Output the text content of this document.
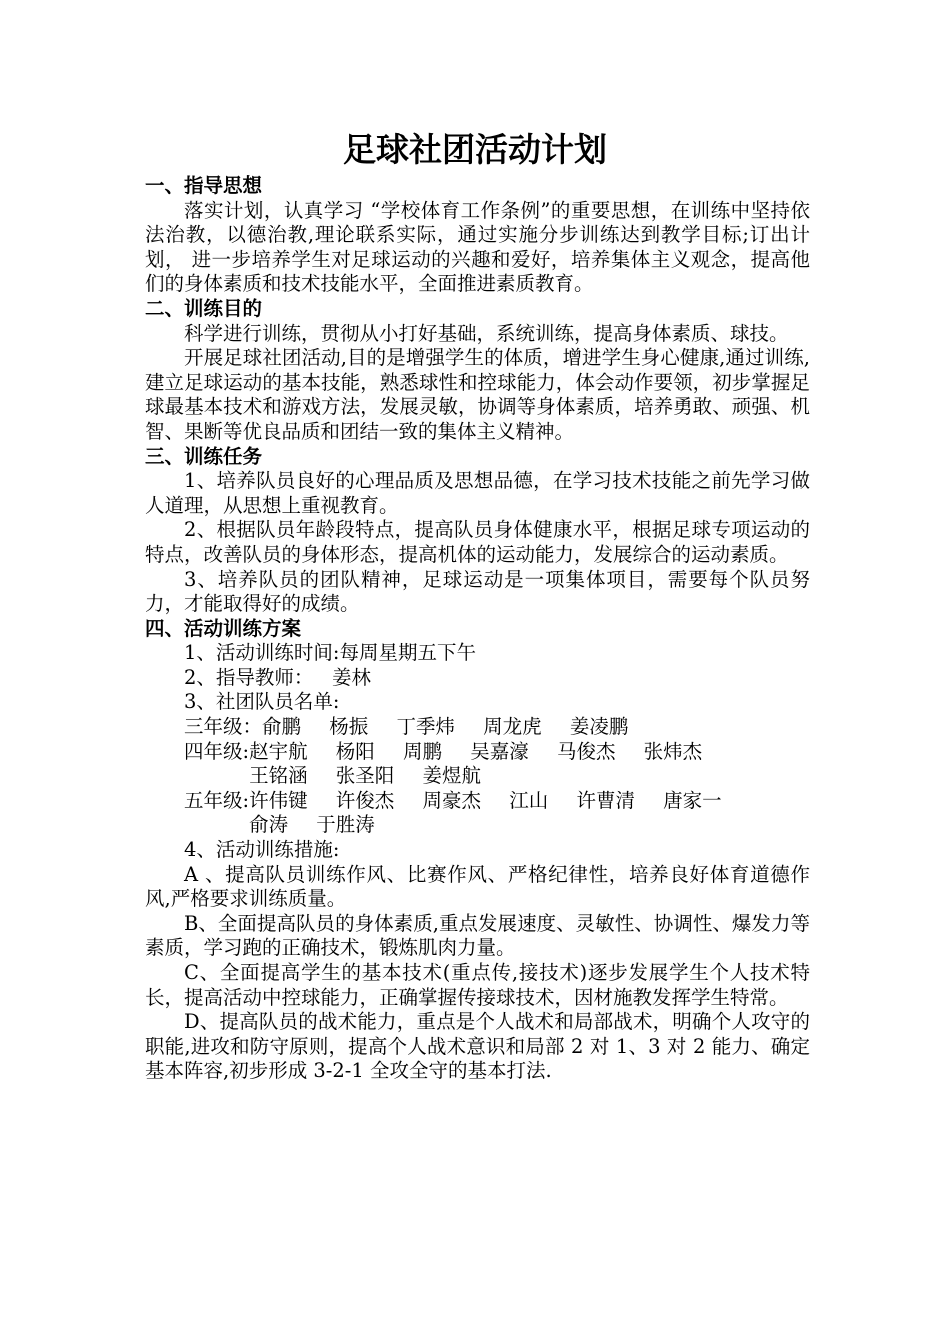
足球社团活动计划

一、指导思想

落实计划，认真学习 “学校体育工作条例”的重要思想，在训练中坚持依法治教，以德治教,理论联系实际，通过实施分步训练达到教学目标;订出计划， 进一步培养学生对足球运动的兴趣和爱好，培养集体主义观念，提高他们的身体素质和技术技能水平，全面推进素质教育。

二、训练目的

科学进行训练，贯彻从小打好基础，系统训练，提高身体素质、球技。

开展足球社团活动,目的是增强学生的体质，增进学生身心健康,通过训练,建立足球运动的基本技能，熟悉球性和控球能力，体会动作要领，初步掌握足球最基本技术和游戏方法，发展灵敏，协调等身体素质，培养勇敢、顽强、机智、果断等优良品质和团结一致的集体主义精神。

三、训练任务

1、培养队员良好的心理品质及思想品德，在学习技术技能之前先学习做人道理，从思想上重视教育。

2、根据队员年龄段特点，提高队员身体健康水平，根据足球专项运动的特点，改善队员的身体形态，提高机体的运动能力，发展综合的运动素质。

3、培养队员的团队精神，足球运动是一项集体项目，需要每个队员努力，才能取得好的成绩。

四、活动训练方案

1、活动训练时间:每周星期五下午

2、指导教师：   姜林

3、社团队员名单:

三年级： 俞鹏 杨振 丁季炜 周龙虎 姜凌鹏
四年级: 赵宇航 杨阳 周鹏 吴嘉濠 马俊杰 张炜杰
王铭涵 张圣阳 姜煜航
五年级: 许伟键 许俊杰 周豪杰 江山 许曹清 唐家一
俞涛 于胜涛

4、活动训练措施:

A 、提高队员训练作风、比赛作风、严格纪律性，培养良好体育道德作风,严格要求训练质量。

B、全面提高队员的身体素质,重点发展速度、灵敏性、协调性、爆发力等素质，学习跑的正确技术，锻炼肌肉力量。

C、全面提高学生的基本技术(重点传,接技术)逐步发展学生个人技术特长，提高活动中控球能力，正确掌握传接球技术，因材施教发挥学生特常。

D、提高队员的战术能力，重点是个人战术和局部战术，明确个人攻守的职能,进攻和防守原则，提高个人战术意识和局部 2 对 1、3 对 2 能力、确定基本阵容,初步形成 3-2-1 全攻全守的基本打法.
